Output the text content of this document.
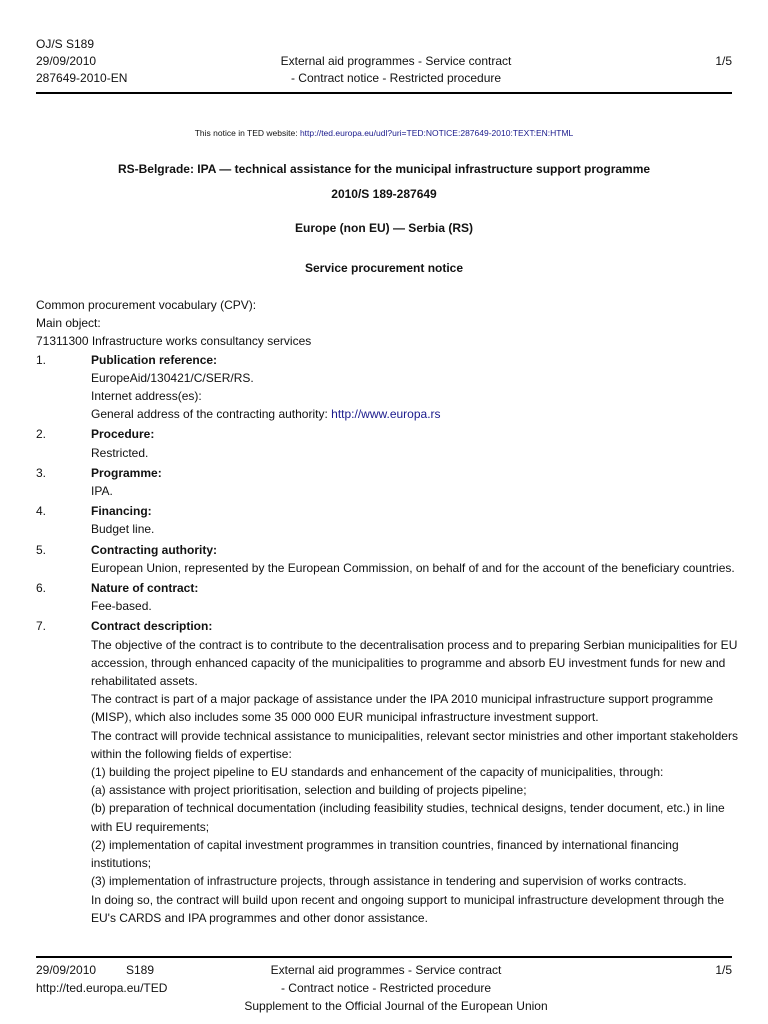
OJ/S S189
29/09/2010
287649-2010-EN
External aid programmes - Service contract
- Contract notice - Restricted procedure
1/5
This notice in TED website: http://ted.europa.eu/udl?uri=TED:NOTICE:287649-2010:TEXT:EN:HTML
RS-Belgrade: IPA — technical assistance for the municipal infrastructure support programme
2010/S 189-287649
Europe (non EU) — Serbia (RS)
Service procurement notice
Common procurement vocabulary (CPV):
Main object:
71311300 Infrastructure works consultancy services
1.	Publication reference:
EuropeAid/130421/C/SER/RS.
Internet address(es):
General address of the contracting authority: http://www.europa.rs
2.	Procedure:
Restricted.
3.	Programme:
IPA.
4.	Financing:
Budget line.
5.	Contracting authority:
European Union, represented by the European Commission, on behalf of and for the account of the beneficiary countries.
6.	Nature of contract:
Fee-based.
7.	Contract description:
The objective of the contract is to contribute to the decentralisation process and to preparing Serbian municipalities for EU accession, through enhanced capacity of the municipalities to programme and absorb EU investment funds for new and rehabilitated assets.
The contract is part of a major package of assistance under the IPA 2010 municipal infrastructure support programme (MISP), which also includes some 35 000 000 EUR municipal infrastructure investment support.
The contract will provide technical assistance to municipalities, relevant sector ministries and other important stakeholders within the following fields of expertise:
(1) building the project pipeline to EU standards and enhancement of the capacity of municipalities, through:
(a) assistance with project prioritisation, selection and building of projects pipeline;
(b) preparation of technical documentation (including feasibility studies, technical designs, tender document, etc.) in line with EU requirements;
(2) implementation of capital investment programmes in transition countries, financed by international financing institutions;
(3) implementation of infrastructure projects, through assistance in tendering and supervision of works contracts.
In doing so, the contract will build upon recent and ongoing support to municipal infrastructure development through the EU's CARDS and IPA programmes and other donor assistance.
29/09/2010 S189
http://ted.europa.eu/TED
External aid programmes - Service contract
- Contract notice - Restricted procedure
Supplement to the Official Journal of the European Union
1/5
